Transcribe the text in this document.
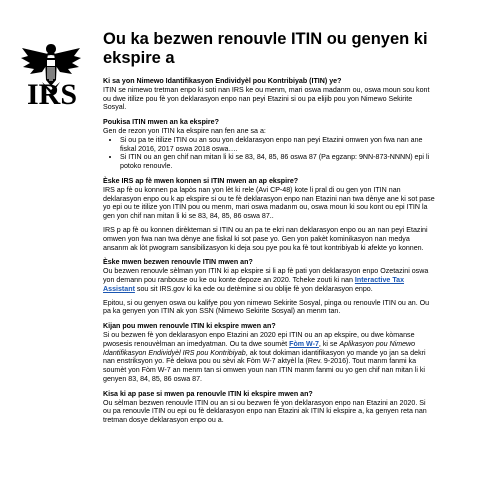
IRS
Ou ka bezwen renouvle ITIN ou genyen ki ekspire a

Ki sa yon Nimewo Idantifikasyon Endividyèl pou Kontribiyab (ITIN) ye?

ITIN se nimewo tretman enpo ki soti nan IRS ke ou menm, mari oswa madanm ou, oswa moun sou kont ou dwe itilize pou fè yon deklarasyon enpo nan peyi Etazini si ou pa elijib pou yon Nimewo Sekirite Sosyal.

Poukisa ITIN mwen an ka ekspire?

Gen de rezon yon ITIN ka ekspire nan fen ane sa a:

• Si ou pa te itilize ITIN ou an sou yon deklarasyon enpo nan peyi Etazini omwen yon fwa nan ane fiskal 2016, 2017 oswa 2018 oswa….
• Si ITIN ou an gen chif nan mitan li ki se 83, 84, 85, 86 oswa 87 (Pa egzanp: 9NN-873-NNNN) epi li potoko renouvle.

Èske IRS ap fè mwen konnen si ITIN mwen an ap ekspire?

IRS ap fè ou konnen pa lapòs nan yon lèt ki rele (Avi CP-48) kote li pral di ou gen yon ITIN nan deklarasyon enpo ou k ap ekspire si ou te fè deklarasyon enpo nan Etazini nan twa dènye ane ki sot pase yo epi ou te itilize yon ITIN pou ou menm, mari oswa madanm ou, oswa moun ki sou kont ou epi ITIN la gen yon chif nan mitan li ki se 83, 84, 85, 86 oswa 87..

IRS p ap fè ou konnen dirèkteman si ITIN ou an pa te ekri nan deklarasyon enpo ou an nan peyi Etazini omwen yon fwa nan twa dènye ane fiskal ki sot pase yo. Gen yon pakèt kominikasyon nan medya ansanm ak lòt pwogram sansibilizasyon ki deja sou pye pou ka fè tout kontribiyab ki afekte yo konnen.

Èske mwen bezwen renouvle ITIN mwen an?

Ou bezwen renouvle sèlman yon ITIN ki ap ekspire si li ap fè pati yon deklarasyon enpo Ozetazini oswa yon demann pou ranbouse ou ke ou konte depoze an 2020. Tcheke zouti ki nan Interactive Tax Assistant sou sit IRS.gov ki ka ede ou detèmine si ou oblije fè yon deklarasyon enpo.

Epitou, si ou genyen oswa ou kalifye pou yon nimewo Sekirite Sosyal, pinga ou renouvle ITIN ou an. Ou pa ka genyen yon ITIN ak yon SSN (Nimewo Sekirite Sosyal) an menm tan.

Kijan pou mwen renouvle ITIN ki ekspire mwen an?

Si ou bezwen fè yon deklarasyon enpo Etazini an 2020 epi ITIN ou an ap ekspire, ou dwe kòmanse pwosesis renouvèlman an imedyatman. Ou ta dwe soumèt Fòm W-7, ki se Aplikasyon pou Nimewo Idantifikasyon Endividyèl IRS pou Kontribiyab, ak tout dokiman idantifikasyon yo mande yo jan sa dekri nan enstriksyon yo. Fè dekwa pou ou sèvi ak Fòm W-7 aktyèl la (Rev. 9-2016). Tout manm fanmi ka soumèt yon Fòm W-7 an menm tan si omwen youn nan ITIN manm fanmi ou yo gen chif nan mitan li ki genyen 83, 84, 85, 86 oswa 87.

Kisa ki ap pase si mwen pa renouvle ITIN ki ekspire mwen an?

Ou sèlman bezwen renouvle ITIN ou an si ou bezwen fè yon deklarasyon enpo nan Etazini an 2020. Si ou pa renouvle ITIN ou epi ou fè deklarasyon enpo nan Etazini ak ITIN ki ekspire a, ka genyen reta nan tretman dosye deklarasyon enpo ou a.
